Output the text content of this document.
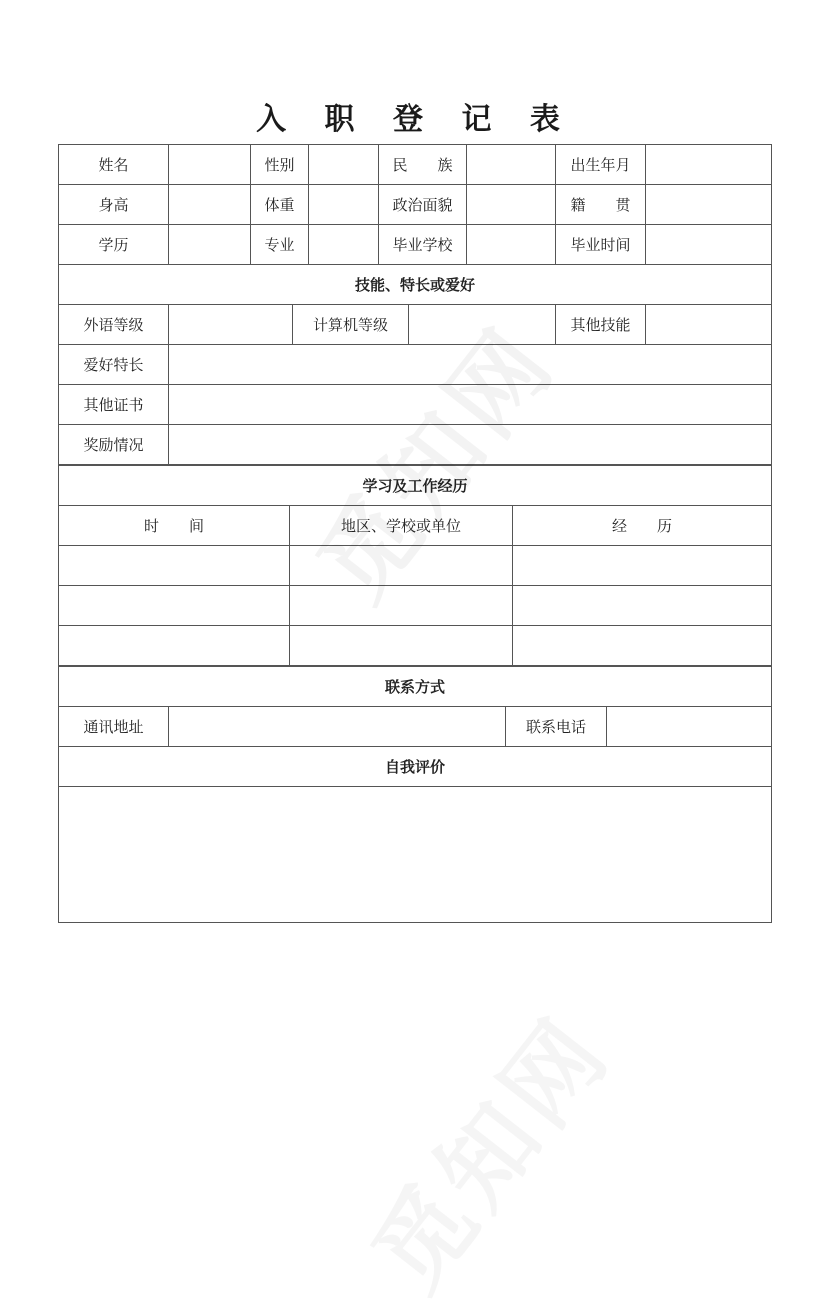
入 职 登 记 表
姓名		性别		民　　族		出生年月	
身高		体重		政治面貌		籍　　贯	
学历		专业		毕业学校		毕业时间	
技能、特长或爱好					
外语等级		计算机等级		其他技能	
爱好特长					
其他证书					
奖励情况					
学习及工作经历		
时　　间	地区、学校或单位	经　　历

联系方式
通讯地址		联系电话	
自我评价
